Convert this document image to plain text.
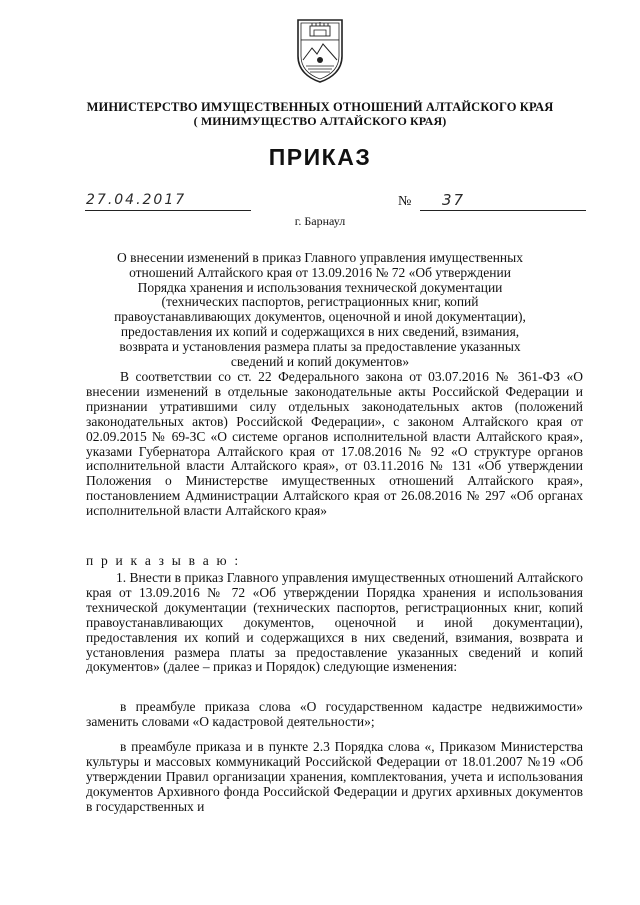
МИНИСТЕРСТВО ИМУЩЕСТВЕННЫХ ОТНОШЕНИЙ АЛТАЙСКОГО КРАЯ
( МИНИМУЩЕСТВО АЛТАЙСКОГО КРАЯ)
ПРИКАЗ
27.04.2017	№ 37
г. Барнаул
О внесении изменений в приказ Главного управления имущественных отношений Алтайского края от 13.09.2016 № 72 «Об утверждении Порядка хранения и использования технической документации (технических паспортов, регистрационных книг, копий правоустанавливающих документов, оценочной и иной документации), предоставления их копий и содержащихся в них сведений, взимания, возврата и установления размера платы за предоставление указанных сведений и копий документов»
В соответствии со ст. 22 Федерального закона от 03.07.2016 № 361-ФЗ «О внесении изменений в отдельные законодательные акты Российской Федерации и признании утратившими силу отдельных законодательных актов (положений законодательных актов) Российской Федерации», с законом Алтайского края от 02.09.2015 № 69-ЗС «О системе органов исполнительной власти Алтайского края», указами Губернатора Алтайского края от 17.08.2016 № 92 «О структуре органов исполнительной власти Алтайского края», от 03.11.2016 № 131 «Об утверждении Положения о Министерстве имущественных отношений Алтайского края», постановлением Администрации Алтайского края от 26.08.2016 № 297 «Об органах исполнительной власти Алтайского края»
п р и к а з ы в а ю :
1. Внести в приказ Главного управления имущественных отношений Алтайского края от 13.09.2016 № 72 «Об утверждении Порядка хранения и использования технической документации (технических паспортов, регистрационных книг, копий правоустанавливающих документов, оценочной и иной документации), предоставления их копий и содержащихся в них сведений, взимания, возврата и установления размера платы за предоставление указанных сведений и копий документов» (далее – приказ и Порядок) следующие изменения:
в преамбуле приказа слова «О государственном кадастре недвижимости» заменить словами «О кадастровой деятельности»;
в преамбуле приказа и в пункте 2.3 Порядка слова «, Приказом Министерства культуры и массовых коммуникаций Российской Федерации от 18.01.2007 №19 «Об утверждении Правил организации хранения, комплектования, учета и использования документов Архивного фонда Российской Федерации и других архивных документов в государственных и
